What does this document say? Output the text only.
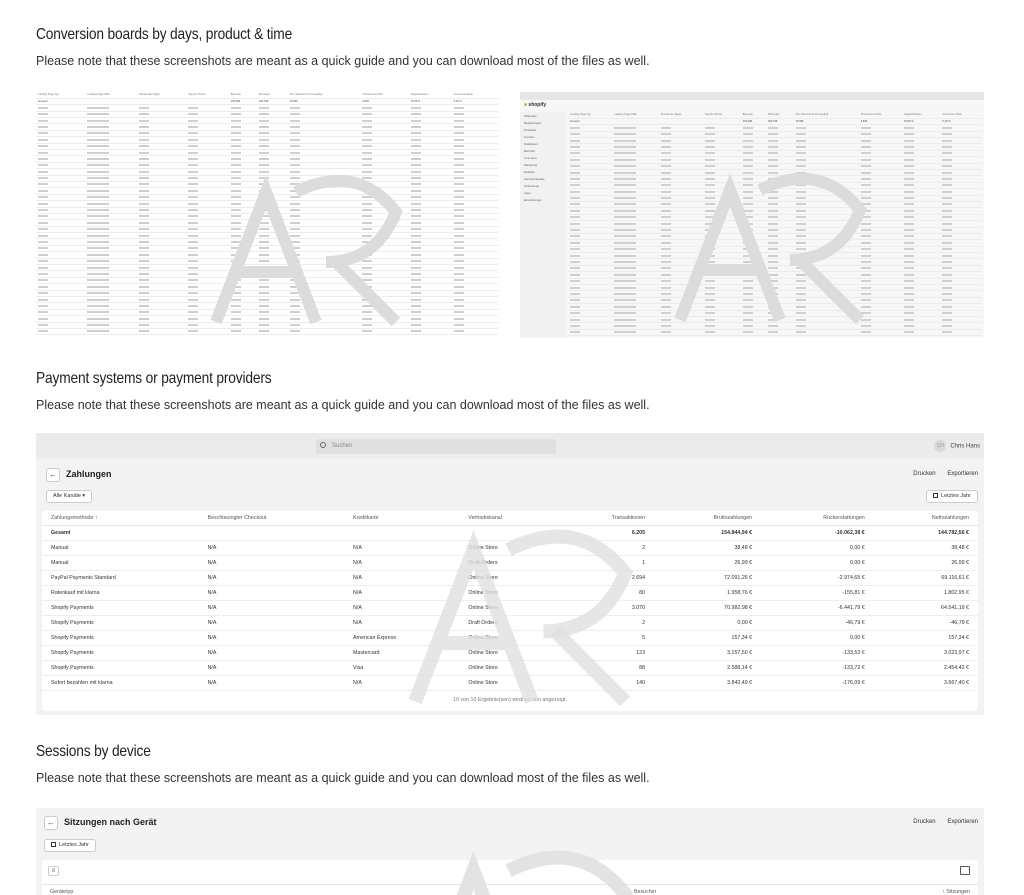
Conversion boards by days, product & time
Please note that these screenshots are meant as a quick guide and you can download most of the files as well.
Landing Page Typ	Landing Page Pfad	Stunde des Tages	Tag der Woche	Besuche	Sitzungen	Zum Warenkorb hinzugefügt	Checkout erreicht	Abgeschlossen	Conversion Rate
Gesamt				155.286	160.768	15.986	9.606	70,63 %	5,46 %

■ shopify
Startseite
Bestellungen
Produkte
Kunden
Statistiken
Berichte
Live-View
Marketing
Rabatte
Vertriebskanäle
Onlineshop
Apps
Einstellungen
Landing Page Typ	Landing Page Pfad	Stunde des Tages	Tag der Woche	Besuche	Sitzungen	Zum Warenkorb hinzugefügt	Checkout erreicht	Abgeschlossen	Conversion Rate
Gesamt				155.286	160.768	15.986	9.606	70,63 %	5,46 %

Payment systems or payment providers
Please note that these screenshots are meant as a quick guide and you can download most of the files as well.
Suchen	CH Chris Hans
←	Zahlungen	Drucken Exportieren
Alle Kanäle ▾	Letztes Jahr
Zahlungsmethode ↑	Beschleunigter Checkout	Kreditkarte	Vertriebskanal	Transaktionen	Bruttozahlungen	Rückerstattungen	Nettozahlungen
Gesamt				6.205	154.844,94 €	-10.062,38 €	144.782,56 €
Manual	N/A	N/A	Online Store	2	38,48 €	0,00 €	38,48 €
Manual	N/A	N/A	Draft Orders	1	26,99 €	0,00 €	26,99 €
PayPal Payments Standard	N/A	N/A	Online Store	2.694	72.091,26 €	-2.974,65 €	69.116,61 €
Ratenkauf mit klarna	N/A	N/A	Online Store	80	1.958,76 €	-155,81 €	1.802,95 €
Shopify Payments	N/A	N/A	Online Store	3.070	70.982,98 €	-6.441,79 €	64.541,19 €
Shopify Payments	N/A	N/A	Draft Orders	2	0,00 €	-46,79 €	-46,79 €
Shopify Payments	N/A	American Express	Online Store	5	157,34 €	0,00 €	157,34 €
Shopify Payments	N/A	Mastercard	Online Store	123	3.157,50 €	-133,53 €	3.023,97 €
Shopify Payments	N/A	Visa	Online Store	88	2.588,14 €	-133,72 €	2.454,42 €
Sofort bezahlen mit klarna	N/A	N/A	Online Store	140	3.843,49 €	-176,09 €	3.667,40 €
10 von 10 Ergebnis(sen) wird/werden angezeigt.
Sessions by device
Please note that these screenshots are meant as a quick guide and you can download most of the files as well.
←	Sitzungen nach Gerät	Drucken Exportieren
Letztes Jahr
≡
Gerätetyp	Besucher	↑ Sitzungen
